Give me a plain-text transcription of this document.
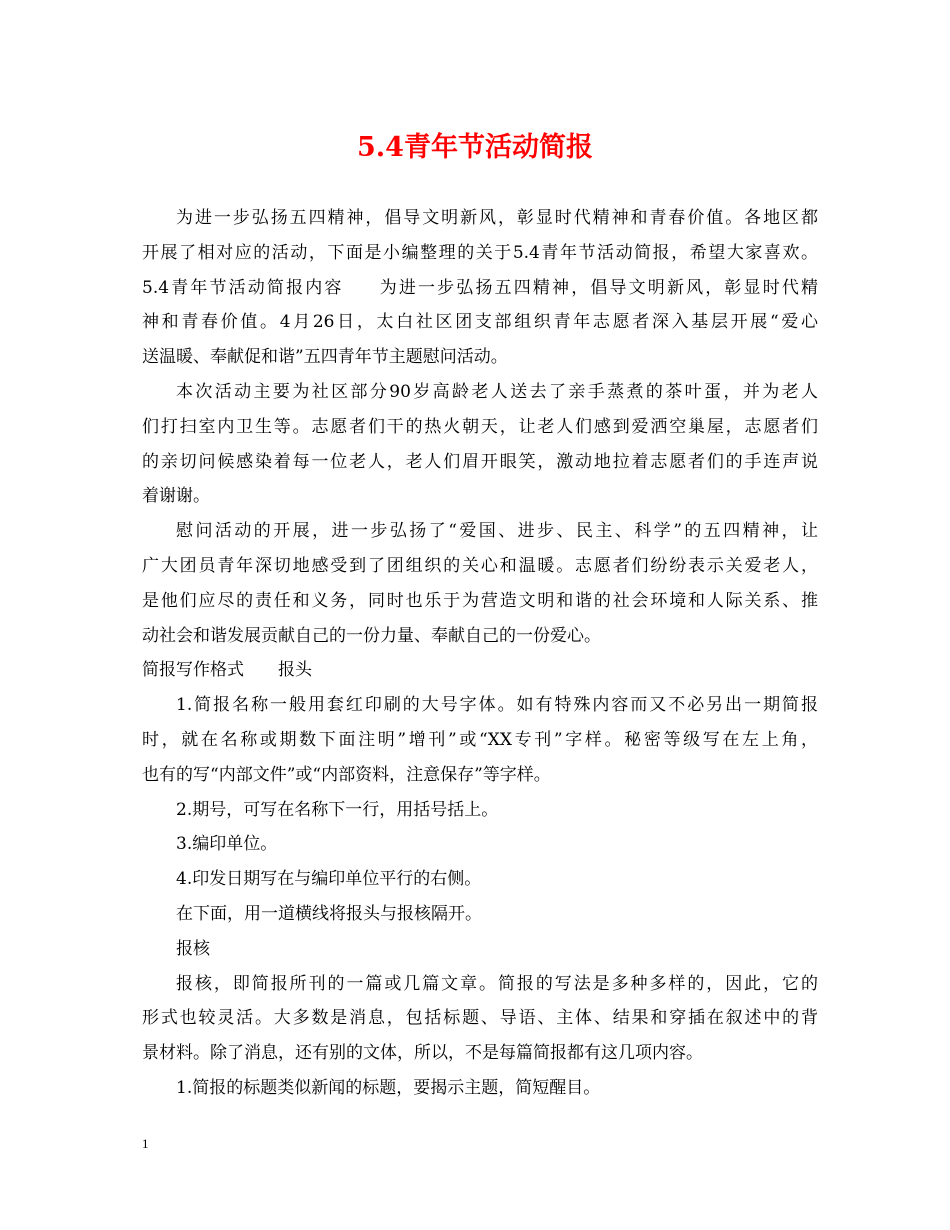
5.4青年节活动简报
为进一步弘扬五四精神，倡导文明新风，彰显时代精神和青春价值。各地区都
开展了相对应的活动，下面是小编整理的关于5.4青年节活动简报，希望大家喜欢。
5.4青年节活动简报内容 为进一步弘扬五四精神，倡导文明新风，彰显时代精
神和青春价值。4月26日，太白社区团支部组织青年志愿者深入基层开展“爱心
送温暖、奉献促和谐”五四青年节主题慰问活动。
本次活动主要为社区部分90岁高龄老人送去了亲手蒸煮的茶叶蛋，并为老人
们打扫室内卫生等。志愿者们干的热火朝天，让老人们感到爱洒空巢屋，志愿者们
的亲切问候感染着每一位老人，老人们眉开眼笑，激动地拉着志愿者们的手连声说
着谢谢。
慰问活动的开展，进一步弘扬了“爱国、进步、民主、科学”的五四精神，让
广大团员青年深切地感受到了团组织的关心和温暖。志愿者们纷纷表示关爱老人，
是他们应尽的责任和义务，同时也乐于为营造文明和谐的社会环境和人际关系、推
动社会和谐发展贡献自己的一份力量、奉献自己的一份爱心。
简报写作格式 报头
1.简报名称一般用套红印刷的大号字体。如有特殊内容而又不必另出一期简报
时，就在名称或期数下面注明”增刊”或“XX专刊”字样。秘密等级写在左上角，
也有的写“内部文件”或“内部资料，注意保存”等字样。
2.期号，可写在名称下一行，用括号括上。
3.编印单位。
4.印发日期写在与编印单位平行的右侧。
在下面，用一道横线将报头与报核隔开。
报核
报核，即简报所刊的一篇或几篇文章。简报的写法是多种多样的，因此，它的
形式也较灵活。大多数是消息，包括标题、导语、主体、结果和穿插在叙述中的背
景材料。除了消息，还有别的文体，所以，不是每篇简报都有这几项内容。
1.简报的标题类似新闻的标题，要揭示主题，简短醒目。
1
